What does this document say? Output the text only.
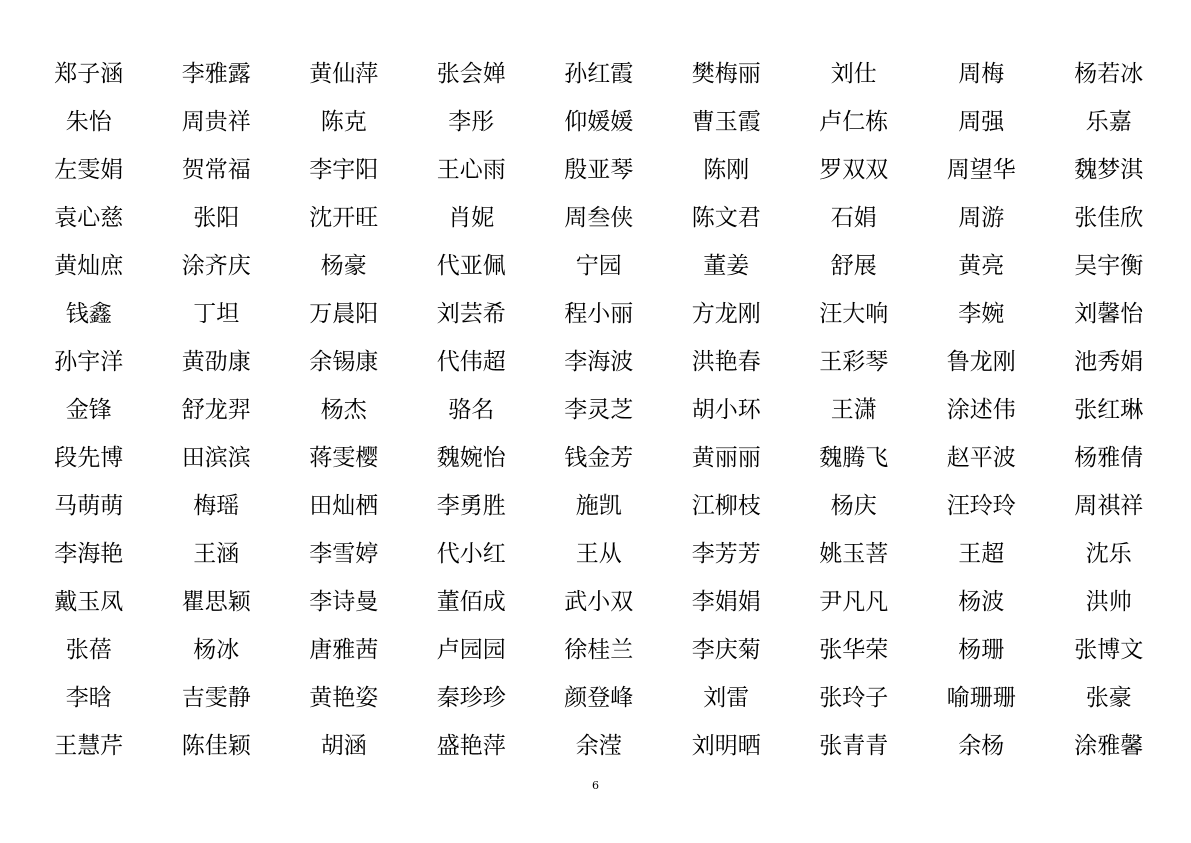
郑子涵	李雅露	黄仙萍	张会婵	孙红霞	樊梅丽	刘仕	周梅	杨若冰
朱怡	周贵祥	陈克	李彤	仰媛媛	曹玉霞	卢仁栋	周强	乐嘉
左雯娟	贺常福	李宇阳	王心雨	殷亚琴	陈刚	罗双双	周望华	魏梦淇
袁心慈	张阳	沈开旺	肖妮	周叁侠	陈文君	石娟	周游	张佳欣
黄灿庶	涂齐庆	杨豪	代亚佩	宁园	董姜	舒展	黄亮	吴宇衡
钱鑫	丁坦	万晨阳	刘芸希	程小丽	方龙刚	汪大响	李婉	刘馨怡
孙宇洋	黄劭康	余锡康	代伟超	李海波	洪艳春	王彩琴	鲁龙刚	池秀娟
金锋	舒龙羿	杨杰	骆名	李灵芝	胡小环	王潇	涂述伟	张红琳
段先博	田滨滨	蒋雯樱	魏婉怡	钱金芳	黄丽丽	魏腾飞	赵平波	杨雅倩
马萌萌	梅瑶	田灿栖	李勇胜	施凯	江柳枝	杨庆	汪玲玲	周祺祥
李海艳	王涵	李雪婷	代小红	王从	李芳芳	姚玉菩	王超	沈乐
戴玉凤	瞿思颖	李诗曼	董佰成	武小双	李娟娟	尹凡凡	杨波	洪帅
张蓓	杨冰	唐雅茜	卢园园	徐桂兰	李庆菊	张华荣	杨珊	张博文
李晗	吉雯静	黄艳姿	秦珍珍	颜登峰	刘雷	张玲子	喻珊珊	张豪
王慧芹	陈佳颖	胡涵	盛艳萍	余滢	刘明晒	张青青	余杨	涂雅馨
6
